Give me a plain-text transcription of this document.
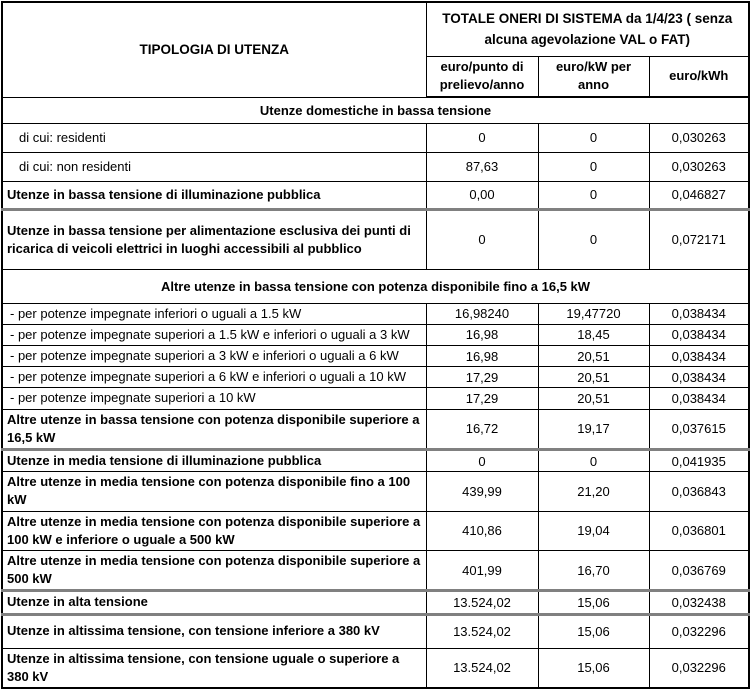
TIPOLOGIA DI UTENZA	TOTALE ONERI DI SISTEMA da 1/4/23 ( senza alcuna agevolazione VAL o FAT)		
	euro/punto di prelievo/anno	euro/kW per anno	euro/kWh
Utenze domestiche in bassa tensione			
di cui: residenti	0	0	0,030263
di cui: non residenti	87,63	0	0,030263
Utenze in bassa tensione di illuminazione pubblica	0,00	0	0,046827
Utenze in bassa tensione per alimentazione esclusiva dei punti di ricarica di veicoli elettrici in luoghi accessibili al pubblico	0	0	0,072171
Altre utenze in bassa tensione con potenza disponibile fino a 16,5 kW			
- per potenze impegnate inferiori o uguali a 1.5 kW	16,98240	19,47720	0,038434
- per potenze impegnate superiori a 1.5 kW e inferiori o uguali a 3 kW	16,98	18,45	0,038434
- per potenze impegnate superiori a 3 kW e inferiori o uguali a 6 kW	16,98	20,51	0,038434
- per potenze impegnate superiori a 6 kW e inferiori o uguali a 10 kW	17,29	20,51	0,038434
- per potenze impegnate superiori a 10 kW	17,29	20,51	0,038434
Altre utenze in bassa tensione con potenza disponibile superiore a 16,5 kW	16,72	19,17	0,037615
Utenze in media tensione di illuminazione pubblica	0	0	0,041935
Altre utenze in media tensione con potenza disponibile fino a 100 kW	439,99	21,20	0,036843
Altre utenze in media tensione con potenza disponibile superiore a 100 kW e inferiore o uguale a 500 kW	410,86	19,04	0,036801
Altre utenze in media tensione con potenza disponibile superiore a 500 kW	401,99	16,70	0,036769
Utenze in alta tensione	13.524,02	15,06	0,032438
Utenze in altissima tensione, con tensione inferiore a 380 kV	13.524,02	15,06	0,032296
Utenze in altissima tensione, con tensione uguale o superiore a 380 kV	13.524,02	15,06	0,032296
